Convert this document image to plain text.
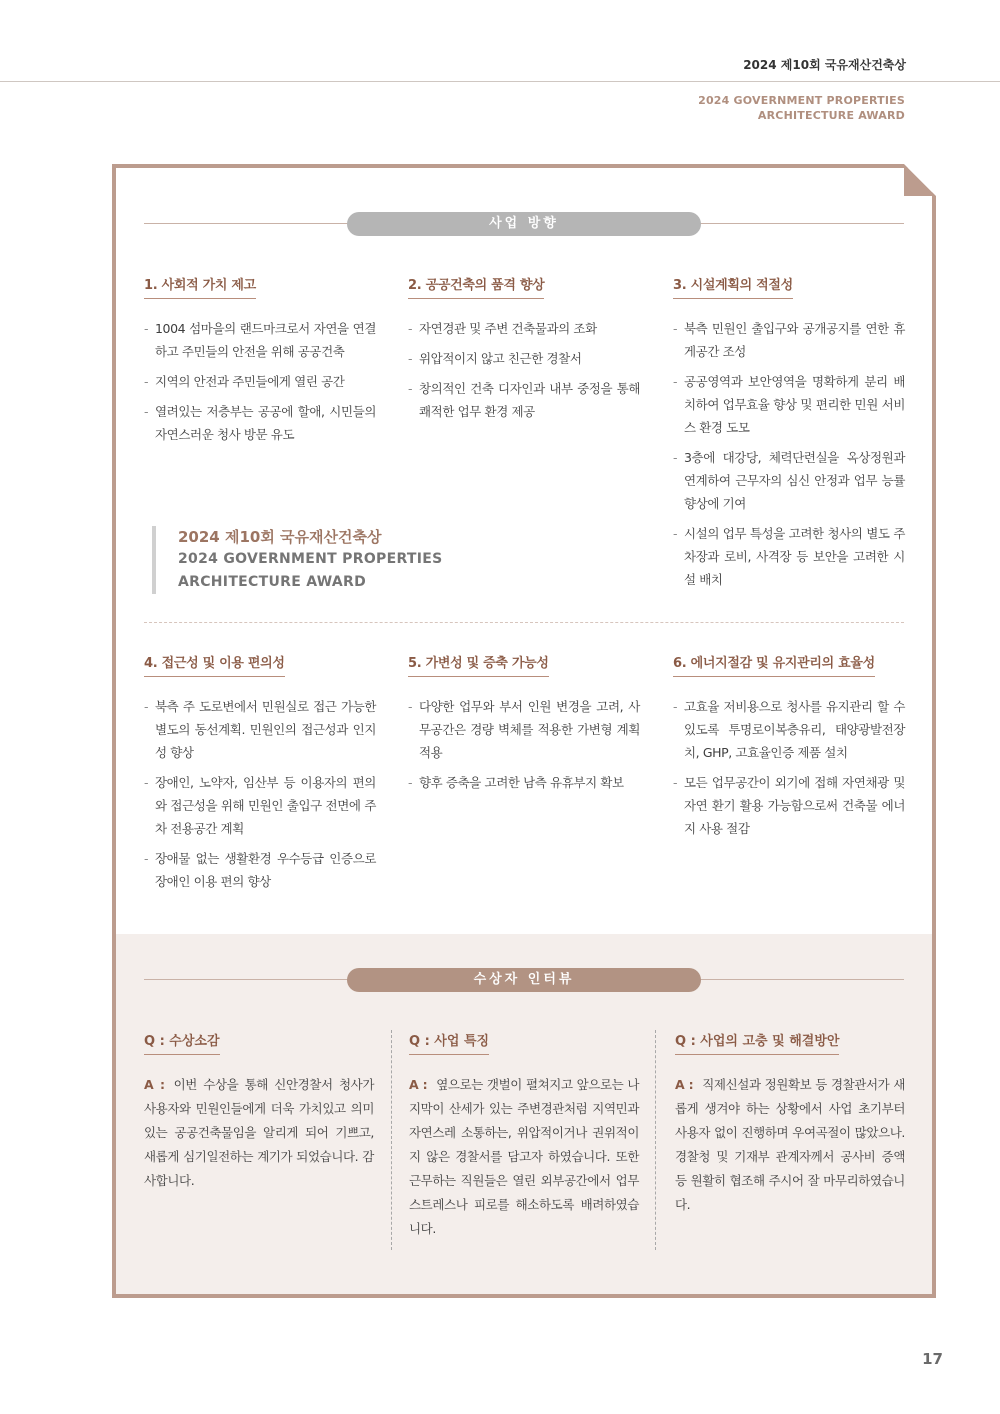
2024 제10회 국유재산건축상
2024 GOVERNMENT PROPERTIES
ARCHITECTURE AWARD
사업 방향
1. 사회적 가치 제고
- 1004 섬마을의 랜드마크로서 자연을 연결하고 주민들의 안전을 위해 공공건축
- 지역의 안전과 주민들에게 열린 공간
- 열려있는 저층부는 공공에 할애, 시민들의 자연스러운 청사 방문 유도
2. 공공건축의 품격 향상
- 자연경관 및 주변 건축물과의 조화
- 위압적이지 않고 친근한 경찰서
- 창의적인 건축 디자인과 내부 중정을 통해 쾌적한 업무 환경 제공
3. 시설계획의 적절성
- 북측 민원인 출입구와 공개공지를 연한 휴게공간 조성
- 공공영역과 보안영역을 명확하게 분리 배치하여 업무효율 향상 및 편리한 민원 서비스 환경 도모
- 3층에 대강당, 체력단련실을 옥상정원과 연계하여 근무자의 심신 안정과 업무 능률 향상에 기여
- 시설의 업무 특성을 고려한 청사의 별도 주차장과 로비, 사격장 등 보안을 고려한 시설 배치
2024 제10회 국유재산건축상
2024 GOVERNMENT PROPERTIES
ARCHITECTURE AWARD
4. 접근성 및 이용 편의성
- 북측 주 도로변에서 민원실로 접근 가능한 별도의 동선계획. 민원인의 접근성과 인지성 향상
- 장애인, 노약자, 임산부 등 이용자의 편의와 접근성을 위해 민원인 출입구 전면에 주차 전용공간 계획
- 장애물 없는 생활환경 우수등급 인증으로 장애인 이용 편의 향상
5. 가변성 및 증축 가능성
- 다양한 업무와 부서 인원 변경을 고려, 사무공간은 경량 벽체를 적용한 가변형 계획 적용
- 향후 증축을 고려한 남측 유휴부지 확보
6. 에너지절감 및 유지관리의 효율성
- 고효율 저비용으로 청사를 유지관리 할 수 있도록 투명로이복층유리, 태양광발전장치, GHP, 고효율인증 제품 설치
- 모든 업무공간이 외기에 접해 자연채광 및 자연 환기 활용 가능함으로써 건축물 에너지 사용 절감
수상자 인터뷰
Q : 수상소감
A : 이번 수상을 통해 신안경찰서 청사가 사용자와 민원인들에게 더욱 가치있고 의미 있는 공공건축물임을 알리게 되어 기쁘고, 새롭게 심기일전하는 계기가 되었습니다. 감사합니다.
Q : 사업 특징
A : 옆으로는 갯벌이 펼쳐지고 앞으로는 나지막이 산세가 있는 주변경관처럼 지역민과 자연스레 소통하는, 위압적이거나 권위적이지 않은 경찰서를 담고자 하였습니다. 또한 근무하는 직원들은 열린 외부공간에서 업무 스트레스나 피로를 해소하도록 배려하였습니다.
Q : 사업의 고충 및 해결방안
A : 직제신설과 정원확보 등 경찰관서가 새롭게 생겨야 하는 상황에서 사업 초기부터 사용자 없이 진행하며 우여곡절이 많았으나. 경찰청 및 기재부 관계자께서 공사비 증액 등 원활히 협조해 주시어 잘 마무리하였습니다.
17
